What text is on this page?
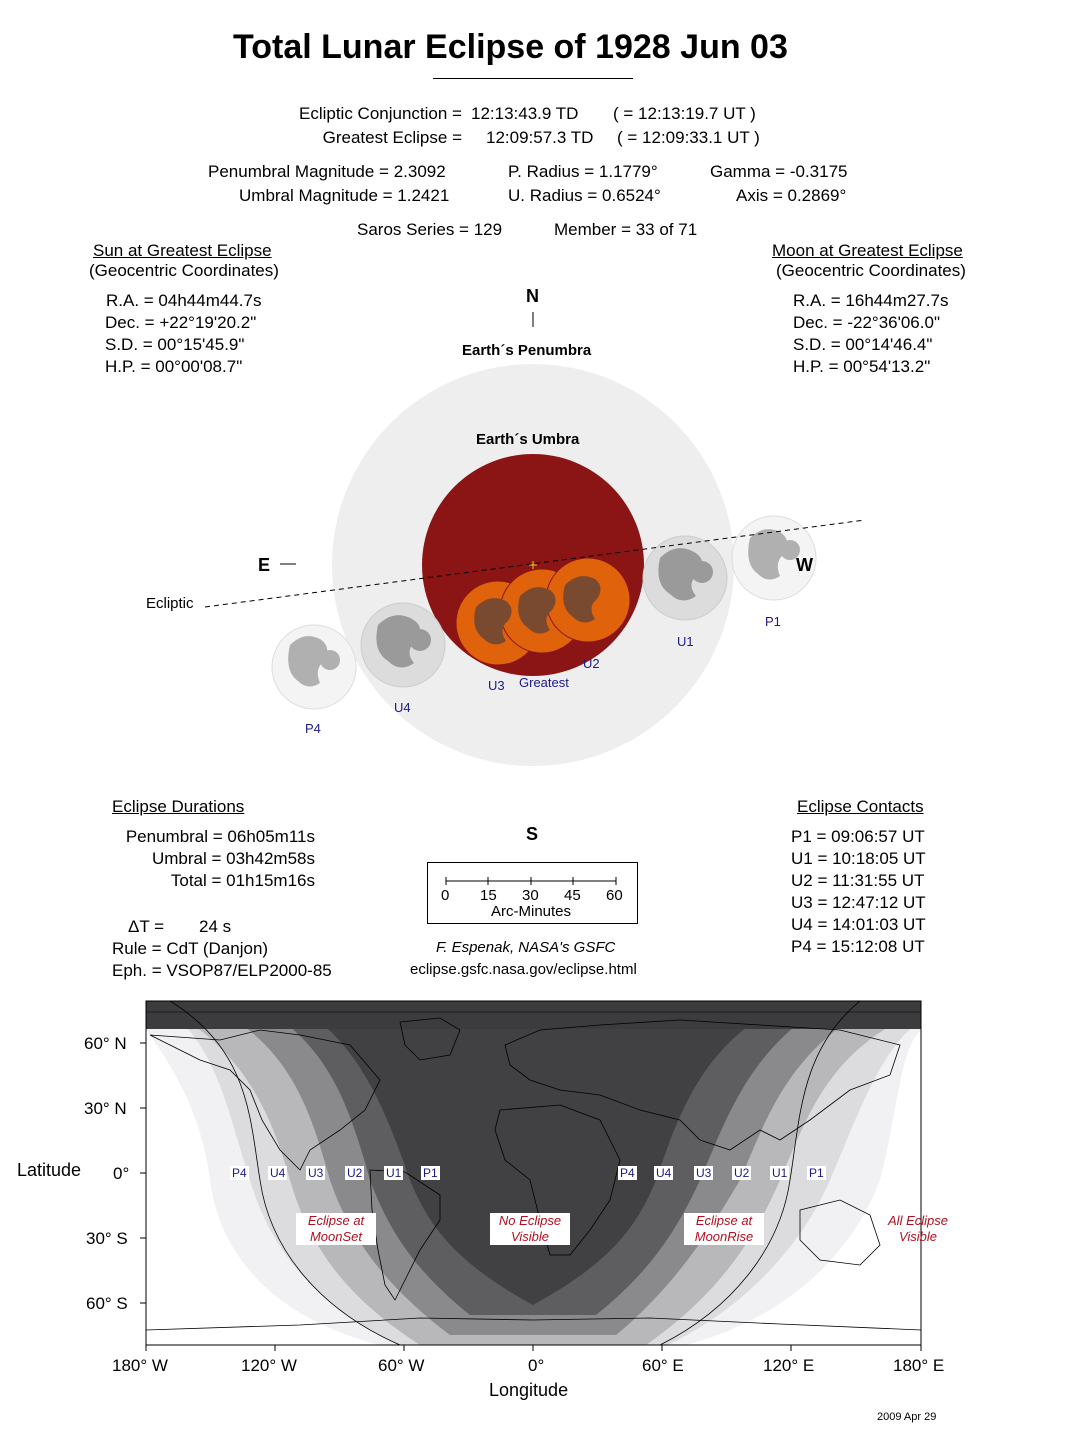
Total Lunar Eclipse of 1928 Jun 03
Ecliptic Conjunction = 12:13:43.9 TD ( = 12:13:19.7 UT )
Greatest Eclipse = 12:09:57.3 TD ( = 12:09:33.1 UT )
Penumbral Magnitude = 2.3092
Umbral Magnitude = 1.2421
P. Radius = 1.1779°
U. Radius = 0.6524°
Gamma = -0.3175
Axis = 0.2869°
Saros Series = 129	Member = 33 of 71
Sun at Greatest Eclipse
(Geocentric Coordinates)
R.A. = 04h44m44.7s
Dec. = +22°19'20.2"
S.D. = 00°15'45.9"
H.P. = 00°00'08.7"
Moon at Greatest Eclipse
(Geocentric Coordinates)
R.A. = 16h44m27.7s
Dec. = -22°36'06.0"
S.D. = 00°14'46.4"
H.P. = 00°54'13.2"
N
Earth´s Penumbra
Earth´s Umbra
E	W
Ecliptic
S
P1
U1
U2
Greatest
U3
U4
P4
Eclipse Durations
Penumbral = 06h05m11s
Umbral = 03h42m58s
Total = 01h15m16s
ΔT = 24 s
Rule = CdT (Danjon)
Eph. = VSOP87/ELP2000-85
Eclipse Contacts
P1 = 09:06:57 UT
U1 = 10:18:05 UT
U2 = 11:31:55 UT
U3 = 12:47:12 UT
U4 = 14:01:03 UT
P4 = 15:12:08 UT
0 15 30 45 60
Arc-Minutes
F. Espenak, NASA's GSFC
eclipse.gsfc.nasa.gov/eclipse.html
60° N
30° N
0°
30° S
60° S
Latitude
180° W	120° W	60° W	0°	60° E	120° E	180° E
Longitude
P4 U4 U3 U2 U1 P1	P4 U4 U3 U2 U1 P1
Eclipse at
MoonSet
No Eclipse
Visible
Eclipse at
MoonRise
All Eclipse
Visible
2009 Apr 29
